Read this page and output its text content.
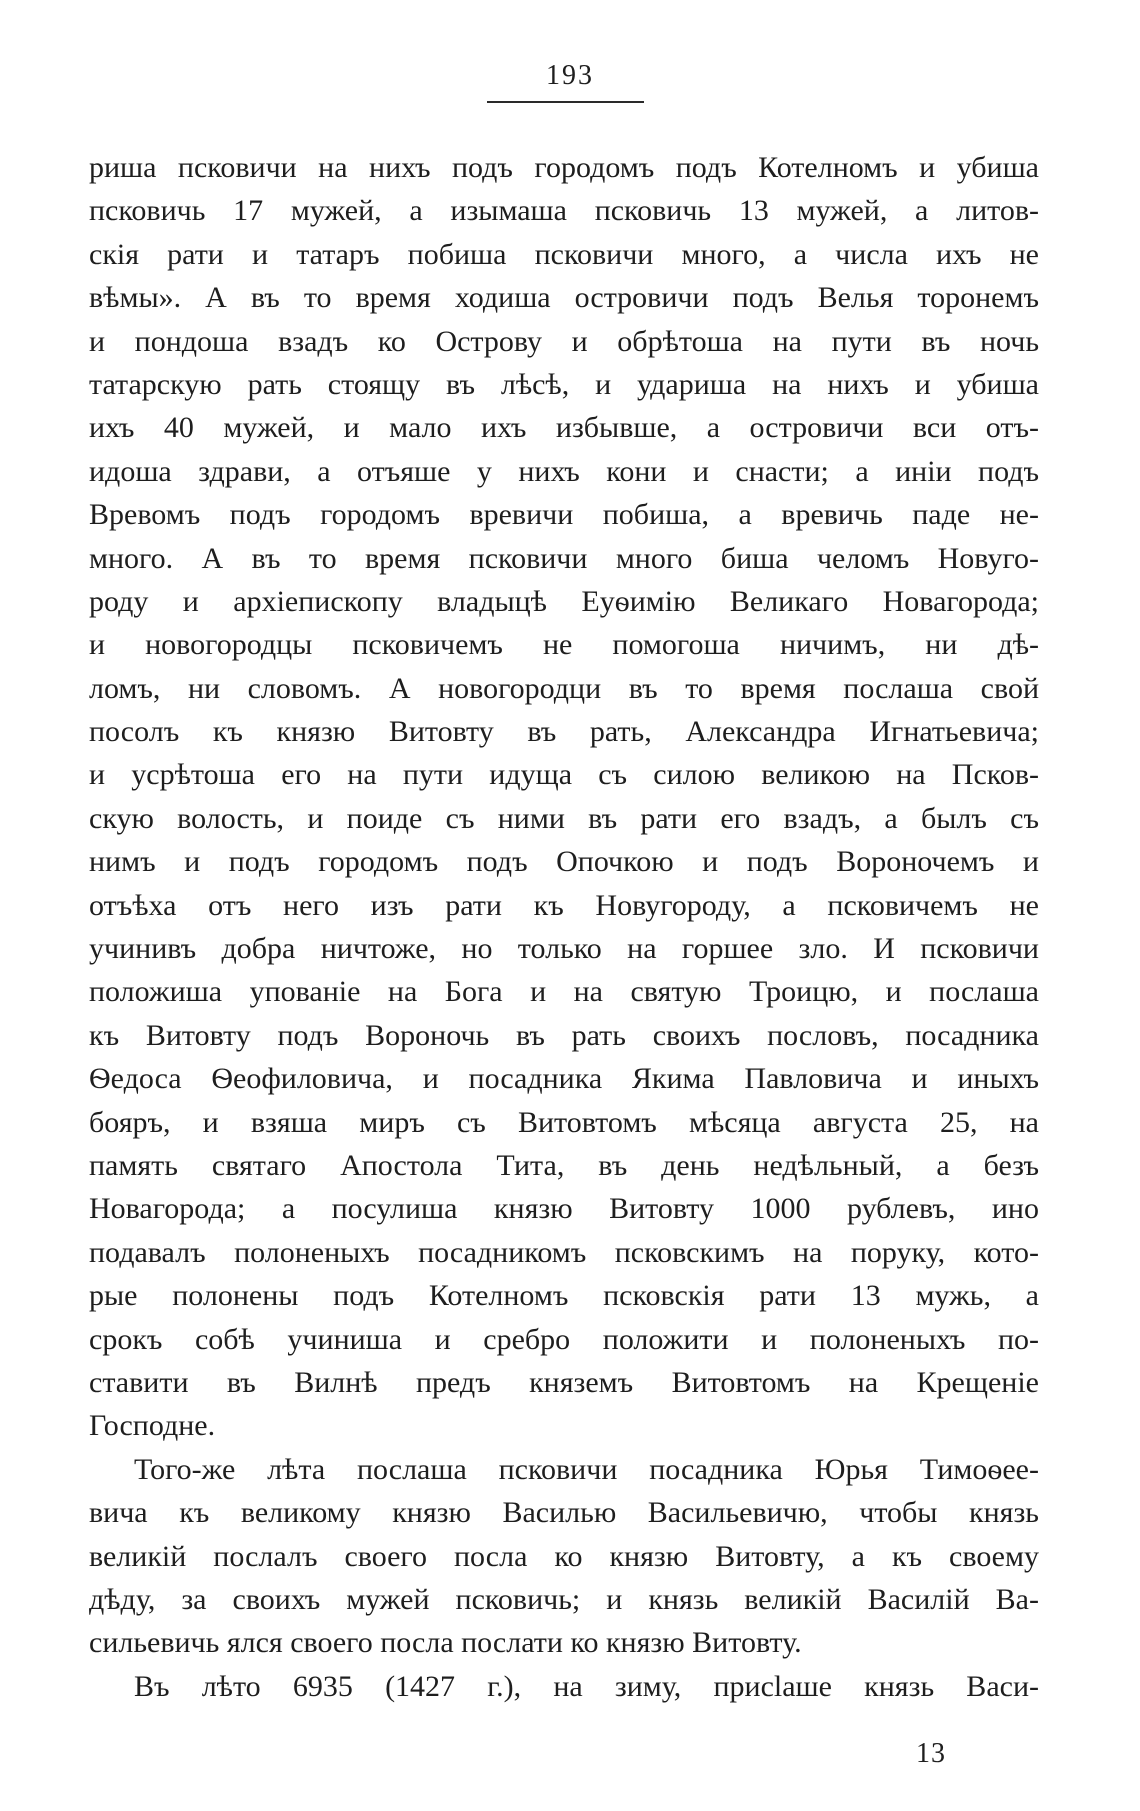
193
риша псковичи на нихъ подъ городомъ подъ Котелномъ и убиша
псковичь 17 мужей, а изымаша псковичь 13 мужей, а литов-
скія рати и татаръ побиша псковичи много, а числа ихъ не
вѣмы». А въ то время ходиша островичи подъ Велья торонемъ
и пондоша взадъ ко Острову и обрѣтоша на пути въ ночь
татарскую рать стоящу въ лѣсѣ, и удариша на нихъ и убиша
ихъ 40 мужей, и мало ихъ избывше, а островичи вси отъ-
идоша здрави, а отъяше у нихъ кони и снасти; а иніи подъ
Вревомъ подъ городомъ вревичи побиша, а вревичь паде не-
много. А въ то время псковичи много биша челомъ Новуго-
роду и архіепископу владыцѣ Еуѳимію Великаго Новагорода;
и новогородцы псковичемъ не помогоша ничимъ, ни дѣ-
ломъ, ни словомъ. А новогородци въ то время послаша свой
посолъ къ князю Витовту въ рать, Александра Игнатьевича;
и усрѣтоша его на пути идуща съ силою великою на Псков-
скую волость, и поиде съ ними въ рати его взадъ, а былъ съ
нимъ и подъ городомъ подъ Опочкою и подъ Вороночемъ и
отъѣха отъ него изъ рати къ Новугороду, а псковичемъ не
учинивъ добра ничтоже, но только на горшее зло. И псковичи
положиша упованіе на Бога и на святую Троицю, и послаша
къ Витовту подъ Вороночь въ рать своихъ пословъ, посадника
Ѳедоса Ѳеофиловича, и посадника Якима Павловича и иныхъ
бояръ, и взяша миръ съ Витовтомъ мѣсяца августа 25, на
память святаго Апостола Тита, въ день недѣльный, а безъ
Новагорода; а посулиша князю Витовту 1000 рублевъ, ино
подавалъ полоненыхъ посадникомъ псковскимъ на поруку, кото-
рые полонены подъ Котелномъ псковскія рати 13 мужь, а
срокъ собѣ учиниша и сребро положити и полоненыхъ по-
ставити въ Вилнѣ предъ княземъ Витовтомъ на Крещеніе
Господне.
Того-же лѣта послаша псковичи посадника Юрья Тимоѳее-
вича къ великому князю Василью Васильевичю, чтобы князь
великій послалъ своего посла ко князю Витовту, а къ своему
дѣду, за своихъ мужей псковичь; и князь великій Василій Ва-
сильевичь ялся своего посла послати ко князю Витовту.
Въ лѣто 6935 (1427 г.), на зиму, присlаше князь Васи-
13
